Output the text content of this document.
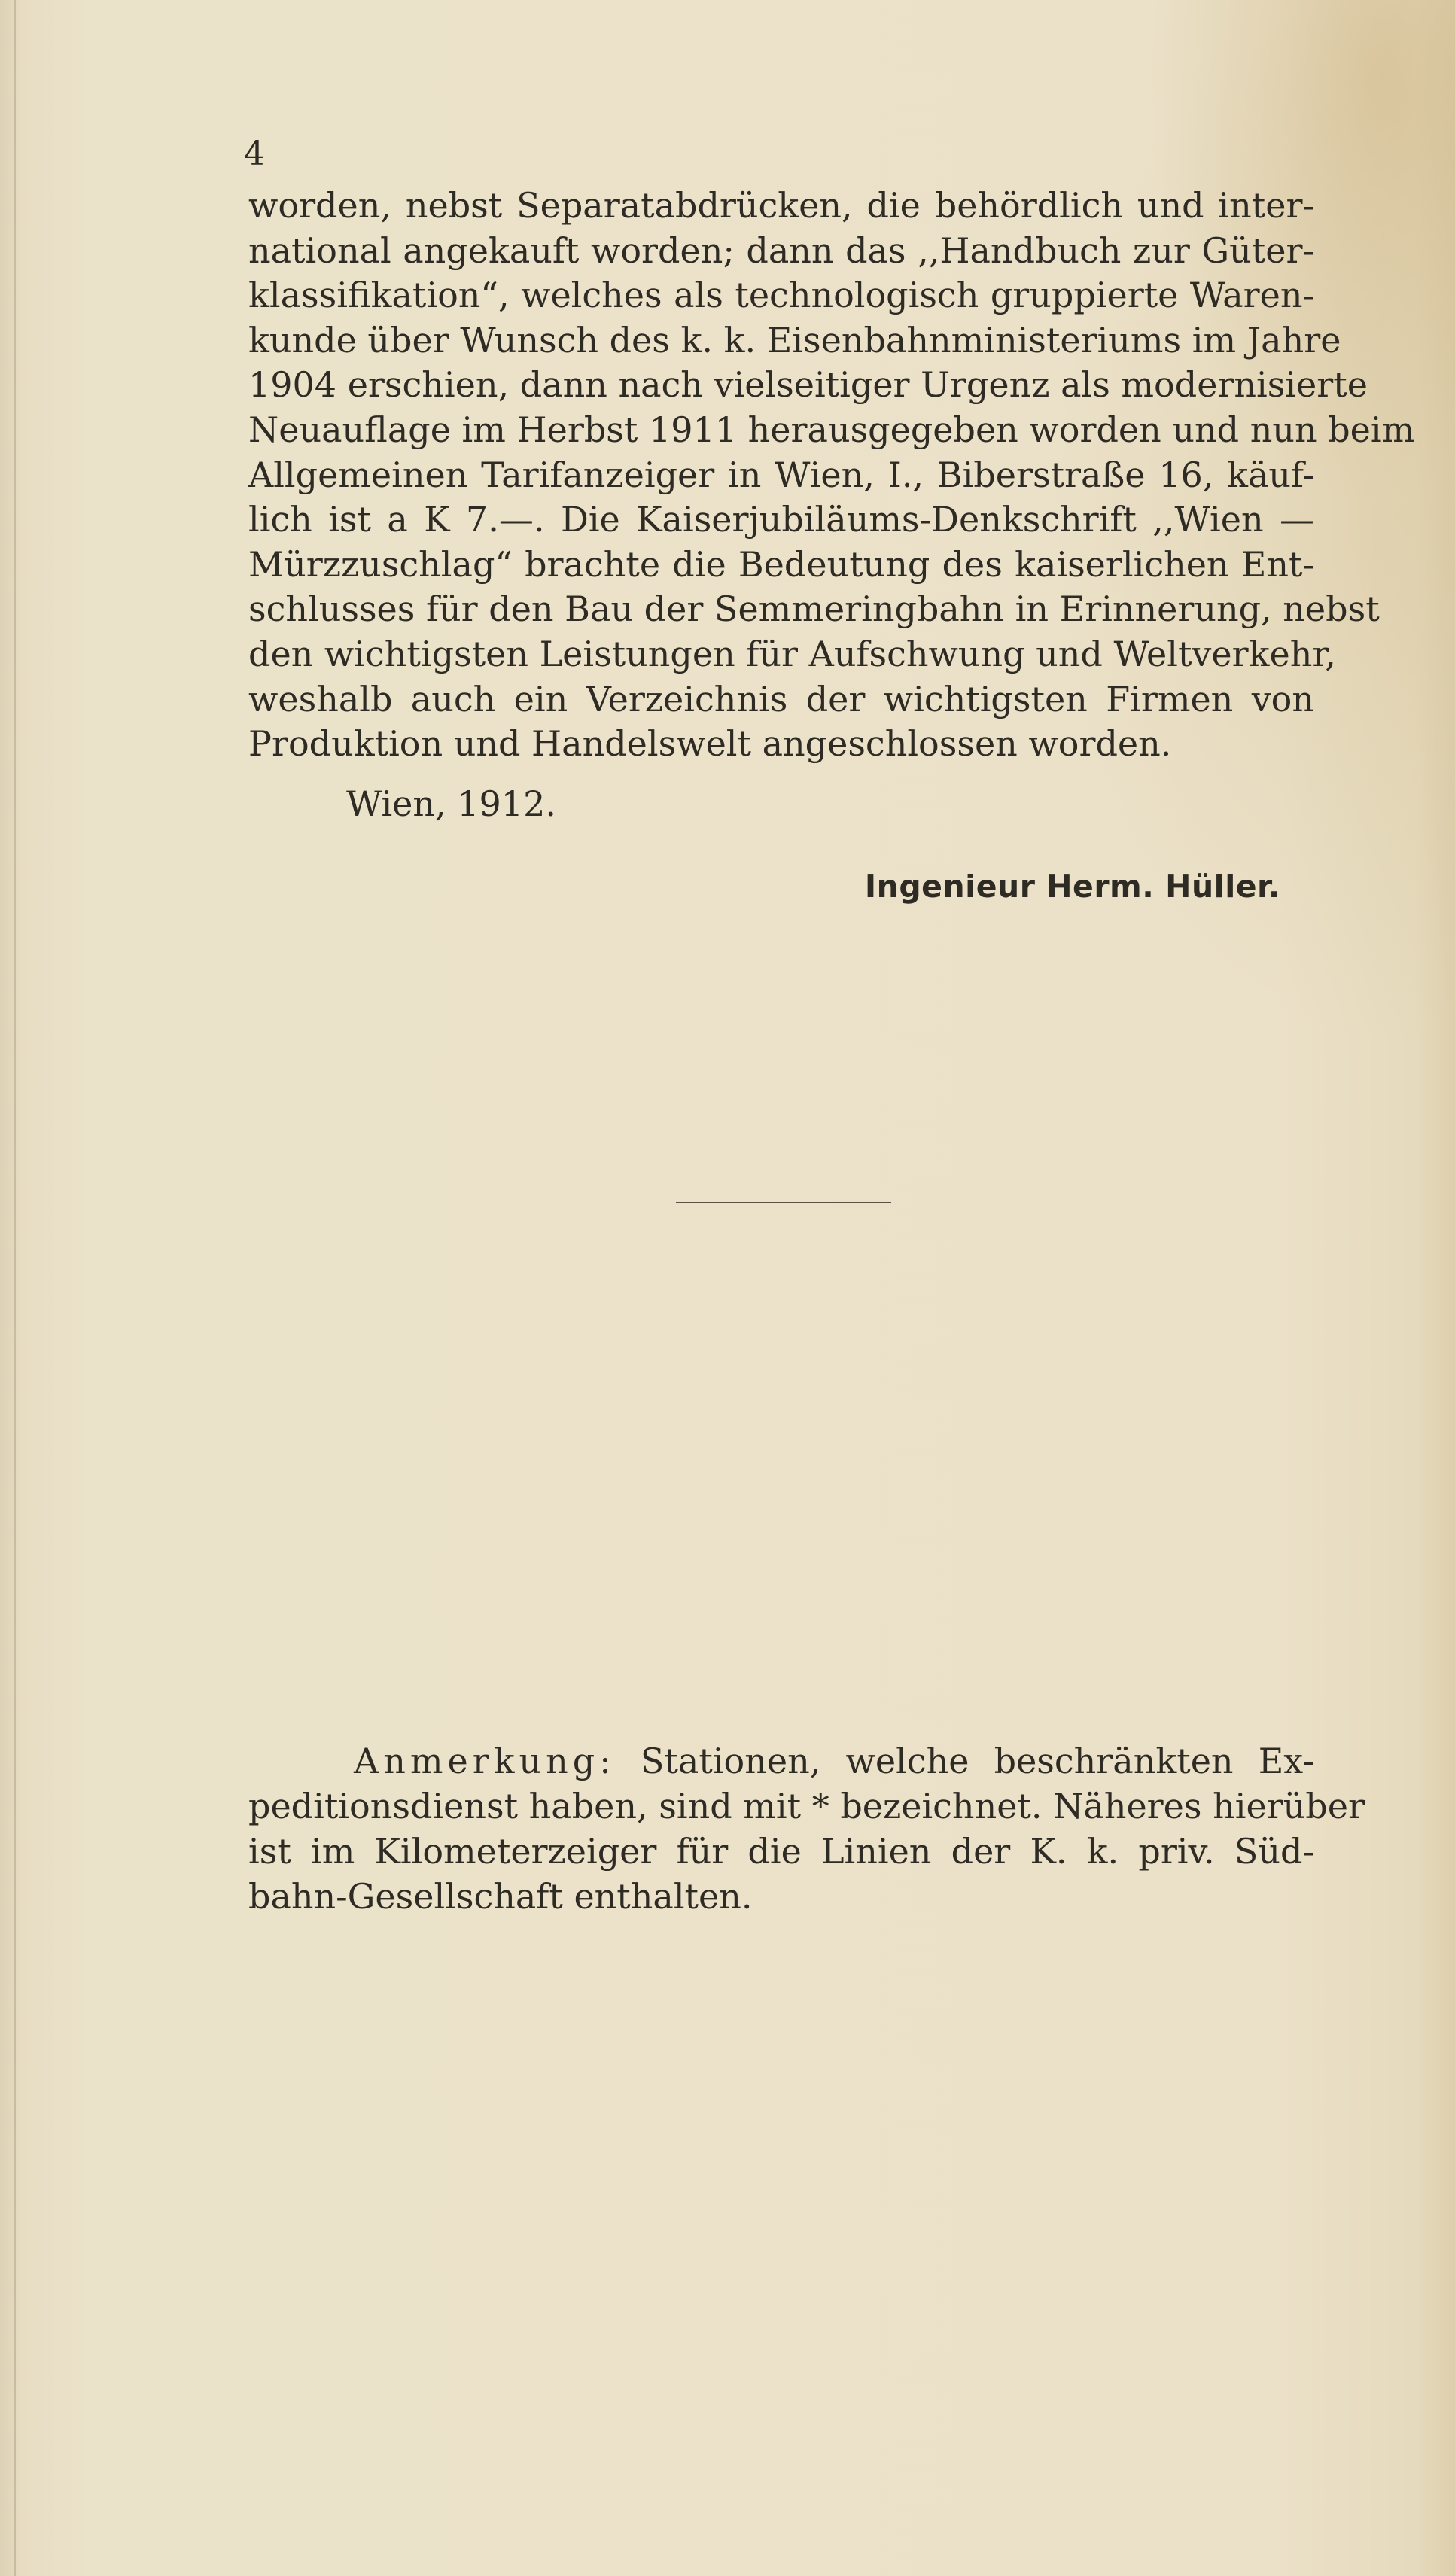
4
worden, nebst Separatabdrücken, die behördlich und inter-
national angekauft worden; dann das ,,Handbuch zur Güter-
klassifikation“, welches als technologisch gruppierte Waren-
kunde über Wunsch des k. k. Eisenbahnministeriums im Jahre
1904 erschien, dann nach vielseitiger Urgenz als modernisierte
Neuauflage im Herbst 1911 herausgegeben worden und nun beim
Allgemeinen Tarifanzeiger in Wien, I., Biberstraße 16, käuf-
lich ist a K 7.—. Die Kaiserjubiläums-Denkschrift ,,Wien —
Mürzzuschlag“ brachte die Bedeutung des kaiserlichen Ent-
schlusses für den Bau der Semmeringbahn in Erinnerung, nebst
den wichtigsten Leistungen für Aufschwung und Weltverkehr,
weshalb auch ein Verzeichnis der wichtigsten Firmen von
Produktion und Handelswelt angeschlossen worden.
Wien, 1912.
Ingenieur Herm. Hüller.
Anmerkung: Stationen, welche beschränkten Ex-
peditionsdienst haben, sind mit * bezeichnet. Näheres hierüber
ist im Kilometerzeiger für die Linien der K. k. priv. Süd-
bahn-Gesellschaft enthalten.
